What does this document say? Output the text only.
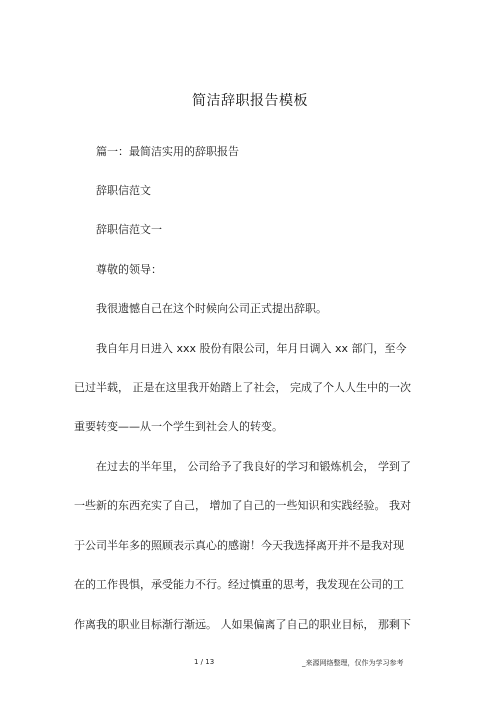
简洁辞职报告模板
篇一：最简洁实用的辞职报告
辞职信范文
辞职信范文一
尊敬的领导：
我很遗憾自己在这个时候向公司正式提出辞职。
我自年月日进入 xxx 股份有限公司，年月日调入 xx 部门，至今
已过半载， 正是在这里我开始踏上了社会， 完成了个人人生中的一次
重要转变——从一个学生到社会人的转变。
在过去的半年里， 公司给予了我良好的学习和锻炼机会， 学到了
一些新的东西充实了自己， 增加了自己的一些知识和实践经验。 我对
于公司半年多的照顾表示真心的感谢！今天我选择离开并不是我对现
在的工作畏惧，承受能力不行。经过慎重的思考，我发现在公司的工
作离我的职业目标渐行渐远。 人如果偏离了自己的职业目标， 那剩下
1 / 13	_来源网络整理，仅作为学习参考
